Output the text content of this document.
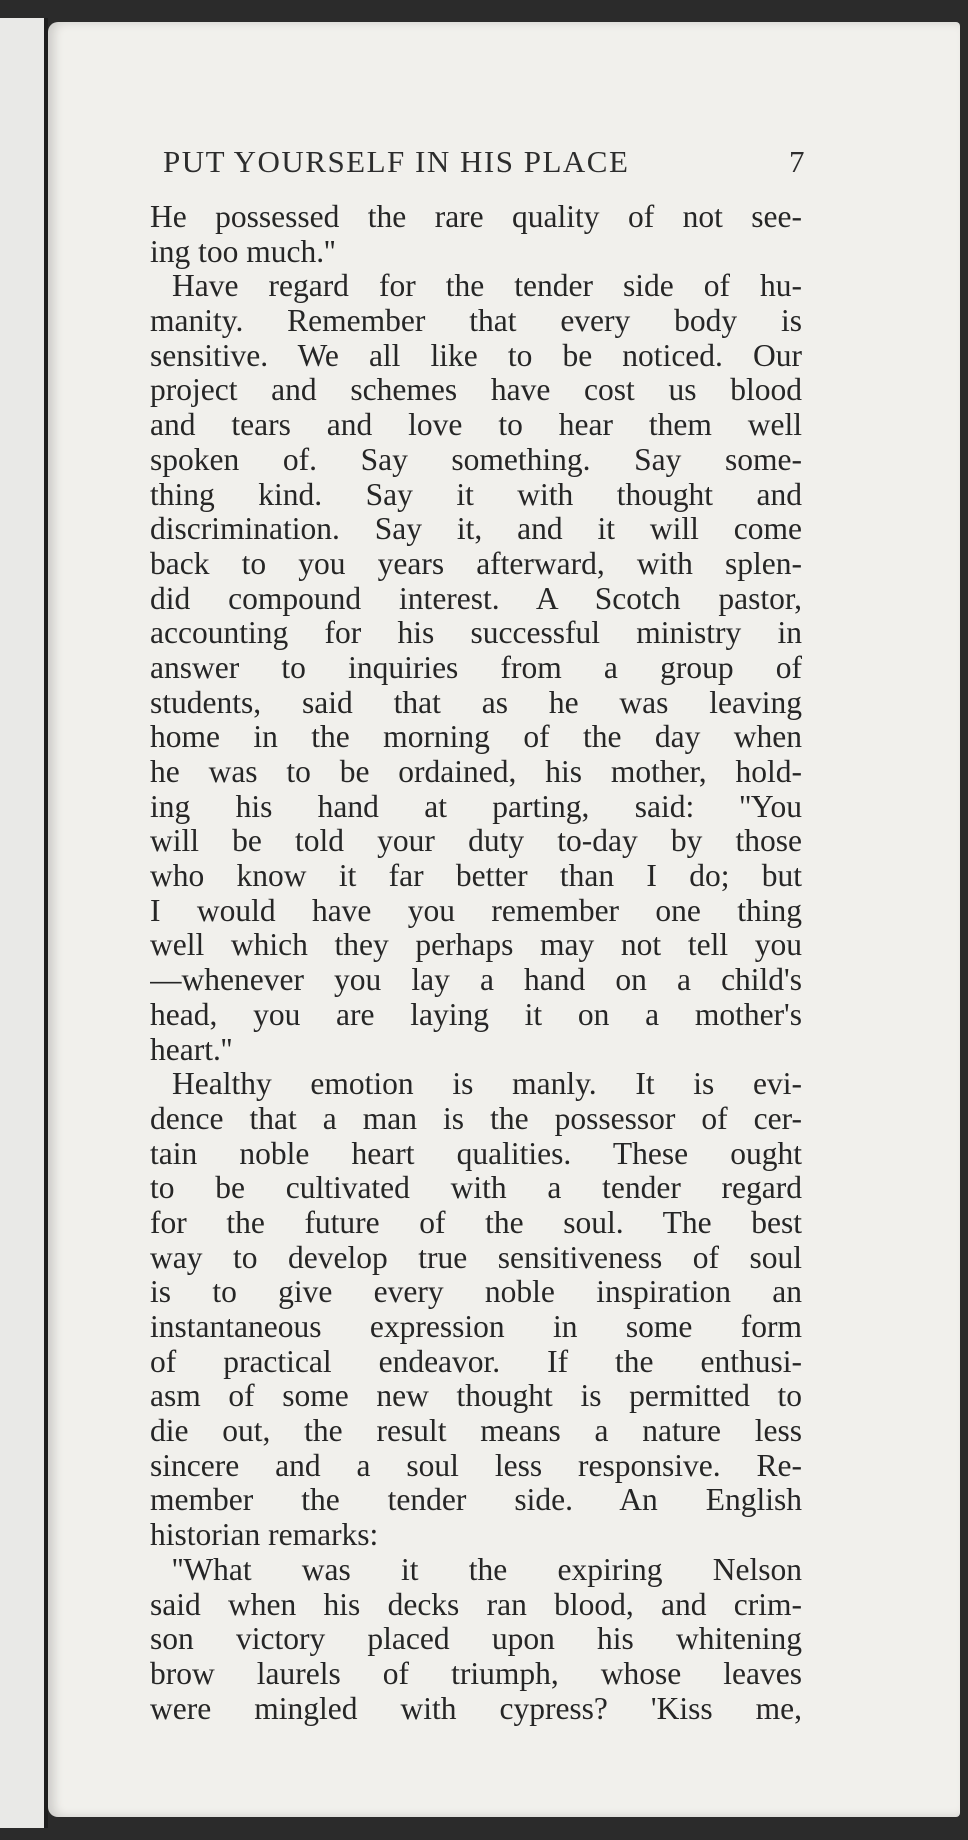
PUT YOURSELF IN HIS PLACE	7
He possessed the rare quality of not see-
ing too much.''
Have regard for the tender side of hu-
manity. Remember that every body is
sensitive. We all like to be noticed. Our
project and schemes have cost us blood
and tears and love to hear them well
spoken of. Say something. Say some-
thing kind. Say it with thought and
discrimination. Say it, and it will come
back to you years afterward, with splen-
did compound interest. A Scotch pastor,
accounting for his successful ministry in
answer to inquiries from a group of
students, said that as he was leaving
home in the morning of the day when
he was to be ordained, his mother, hold-
ing his hand at parting, said: ''You
will be told your duty to-day by those
who know it far better than I do; but
I would have you remember one thing
well which they perhaps may not tell you
—whenever you lay a hand on a child's
head, you are laying it on a mother's
heart.''
Healthy emotion is manly. It is evi-
dence that a man is the possessor of cer-
tain noble heart qualities. These ought
to be cultivated with a tender regard
for the future of the soul. The best
way to develop true sensitiveness of soul
is to give every noble inspiration an
instantaneous expression in some form
of practical endeavor. If the enthusi-
asm of some new thought is permitted to
die out, the result means a nature less
sincere and a soul less responsive. Re-
member the tender side. An English
historian remarks:
''What was it the expiring Nelson
said when his decks ran blood, and crim-
son victory placed upon his whitening
brow laurels of triumph, whose leaves
were mingled with cypress? 'Kiss me,
